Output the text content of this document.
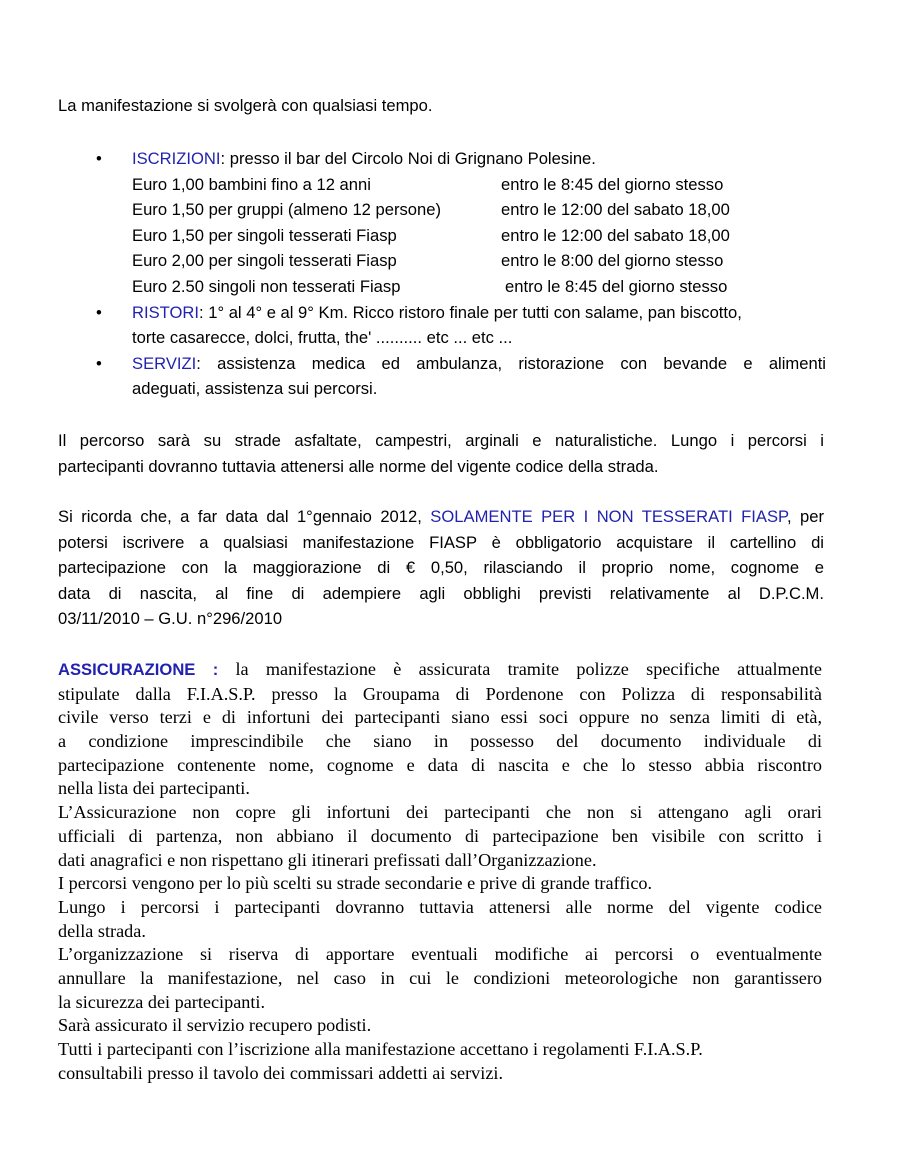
La manifestazione si svolgerà con qualsiasi tempo.
•	ISCRIZIONI: presso il bar del Circolo Noi di Grignano Polesine.
Euro 1,00 bambini fino a 12 anni	entro le 8:45 del giorno stesso
Euro 1,50 per gruppi (almeno 12 persone)	entro le 12:00 del sabato 18,00
Euro 1,50 per singoli tesserati Fiasp	entro le 12:00 del sabato 18,00
Euro 2,00 per singoli tesserati Fiasp	entro le 8:00 del giorno stesso
Euro 2.50 singoli non tesserati Fiasp	entro le 8:45 del giorno stesso
•	RISTORI: 1° al 4° e al 9° Km. Ricco ristoro finale per tutti con salame, pan biscotto,
torte casarecce, dolci, frutta, the' .......... etc ... etc ...
•	SERVIZI: assistenza medica ed ambulanza, ristorazione con bevande e alimenti
adeguati, assistenza sui percorsi.
Il percorso sarà su strade asfaltate, campestri, arginali e naturalistiche. Lungo i percorsi i
partecipanti dovranno tuttavia attenersi alle norme del vigente codice della strada.
Si ricorda che, a far data dal 1°gennaio 2012, SOLAMENTE PER I NON TESSERATI FIASP, per
potersi iscrivere a qualsiasi manifestazione FIASP è obbligatorio acquistare il cartellino di
partecipazione con la maggiorazione di € 0,50, rilasciando il proprio nome, cognome e
data di nascita, al fine di adempiere agli obblighi previsti relativamente al D.P.C.M.
03/11/2010 – G.U. n°296/2010
ASSICURAZIONE : la manifestazione è assicurata tramite polizze specifiche attualmente
stipulate dalla F.I.A.S.P. presso la Groupama di Pordenone con Polizza di responsabilità
civile verso terzi e di infortuni dei partecipanti siano essi soci oppure no senza limiti di età,
a condizione imprescindibile che siano in possesso del documento individuale di
partecipazione contenente nome, cognome e data di nascita e che lo stesso abbia riscontro
nella lista dei partecipanti.
L’Assicurazione non copre gli infortuni dei partecipanti che non si attengano agli orari
ufficiali di partenza, non abbiano il documento di partecipazione ben visibile con scritto i
dati anagrafici e non rispettano gli itinerari prefissati dall’Organizzazione.
I percorsi vengono per lo più scelti su strade secondarie e prive di grande traffico.
Lungo i percorsi i partecipanti dovranno tuttavia attenersi alle norme del vigente codice
della strada.
L’organizzazione si riserva di apportare eventuali modifiche ai percorsi o eventualmente
annullare la manifestazione, nel caso in cui le condizioni meteorologiche non garantissero
la sicurezza dei partecipanti.
Sarà assicurato il servizio recupero podisti.
Tutti i partecipanti con l’iscrizione alla manifestazione accettano i regolamenti F.I.A.S.P.
consultabili presso il tavolo dei commissari addetti ai servizi.
